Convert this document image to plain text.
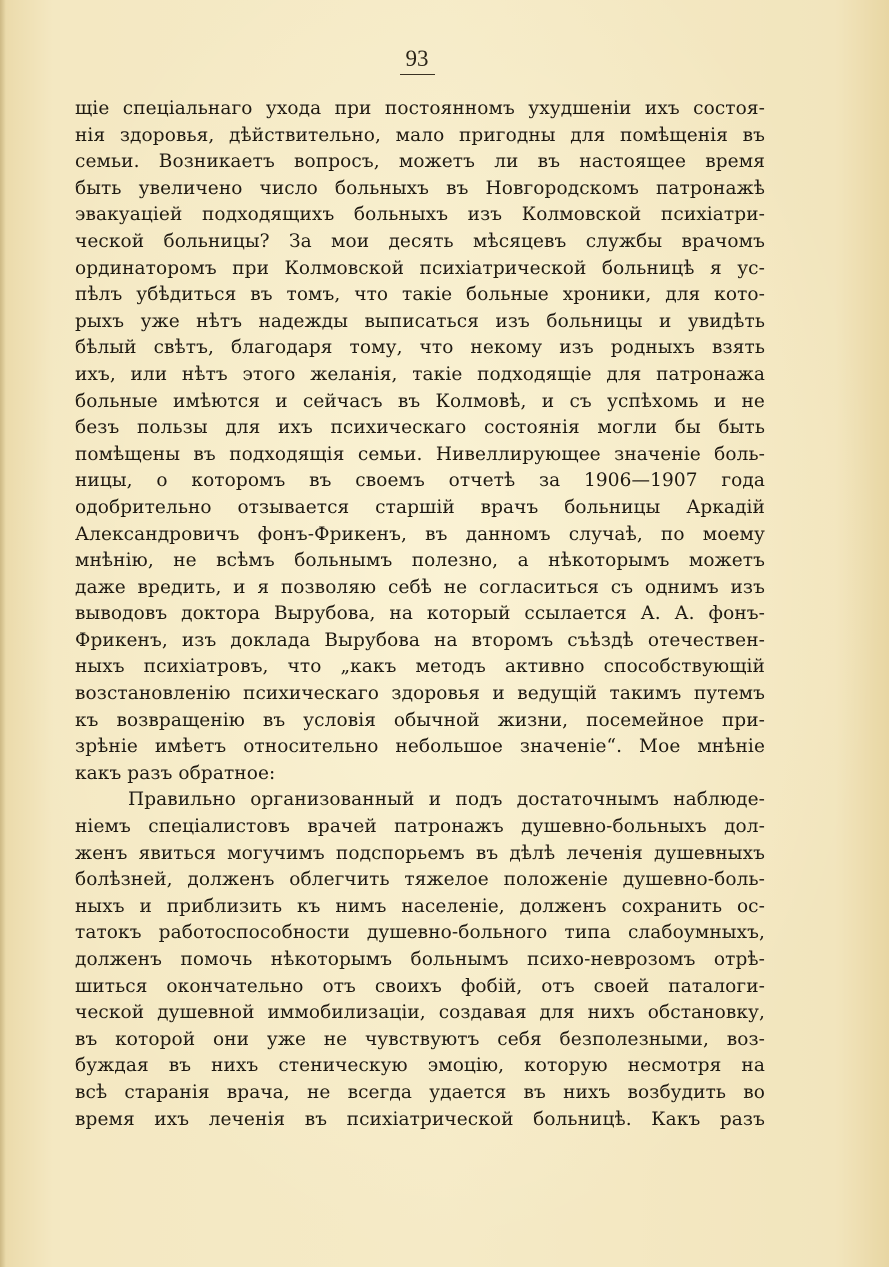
93
щіе спеціальнаго ухода при постоянномъ ухудшеніи ихъ состоя-
нія здоровья, дѣйствительно, мало пригодны для помѣщенія въ
семьи. Возникаетъ вопросъ, можетъ ли въ настоящее время
быть увеличено число больныхъ въ Новгородскомъ патронажѣ
эвакуаціей подходящихъ больныхъ изъ Колмовской психіатри-
ческой больницы? За мои десять мѣсяцевъ службы врачомъ
ординаторомъ при Колмовской психіатрической больницѣ я ус-
пѣлъ убѣдиться въ томъ, что такіе больные хроники, для кото-
рыхъ уже нѣтъ надежды выписаться изъ больницы и увидѣть
бѣлый свѣтъ, благодаря тому, что некому изъ родныхъ взять
ихъ, или нѣтъ этого желанія, такіе подходящіе для патронажа
больные имѣются и сейчасъ въ Колмовѣ, и съ успѣхомь и не
безъ пользы для ихъ психическаго состоянія могли бы быть
помѣщены въ подходящія семьи. Нивеллирующее значеніе боль-
ницы, о которомъ въ своемъ отчетѣ за 1906—1907 года
одобрительно отзывается старшій врачъ больницы Аркадій
Александровичъ фонъ-Фрикенъ, въ данномъ случаѣ, по моему
мнѣнію, не всѣмъ больнымъ полезно, а нѣкоторымъ можетъ
даже вредить, и я позволяю себѣ не согласиться съ однимъ изъ
выводовъ доктора Вырубова, на который ссылается А. А. фонъ-
Фрикенъ, изъ доклада Вырубова на второмъ съѣздѣ отечествен-
ныхъ психіатровъ, что „какъ методъ активно способствующій
возстановленію психическаго здоровья и ведущій такимъ путемъ
къ возвращенію въ условія обычной жизни, посемейное при-
зрѣніе имѣетъ относительно небольшое значеніе“. Мое мнѣніе
какъ разъ обратное:
Правильно организованный и подъ достаточнымъ наблюде-
ніемъ спеціалистовъ врачей патронажъ душевно-больныхъ дол-
женъ явиться могучимъ подспорьемъ въ дѣлѣ леченія душевныхъ
болѣзней, долженъ облегчить тяжелое положеніе душевно-боль-
ныхъ и приблизить къ нимъ населеніе, долженъ сохранить ос-
татокъ работоспособности душевно-больного типа слабоумныхъ,
долженъ помочь нѣкоторымъ больнымъ психо-неврозомъ отрѣ-
шиться окончательно отъ своихъ фобій, отъ своей паталоги-
ческой душевной иммобилизаціи, создавая для нихъ обстановку,
въ которой они уже не чувствуютъ себя безполезными, воз-
буждая въ нихъ стеническую эмоцію, которую несмотря на
всѣ старанія врача, не всегда удается въ нихъ возбудить во
время ихъ леченія въ психіатрической больницѣ. Какъ разъ
